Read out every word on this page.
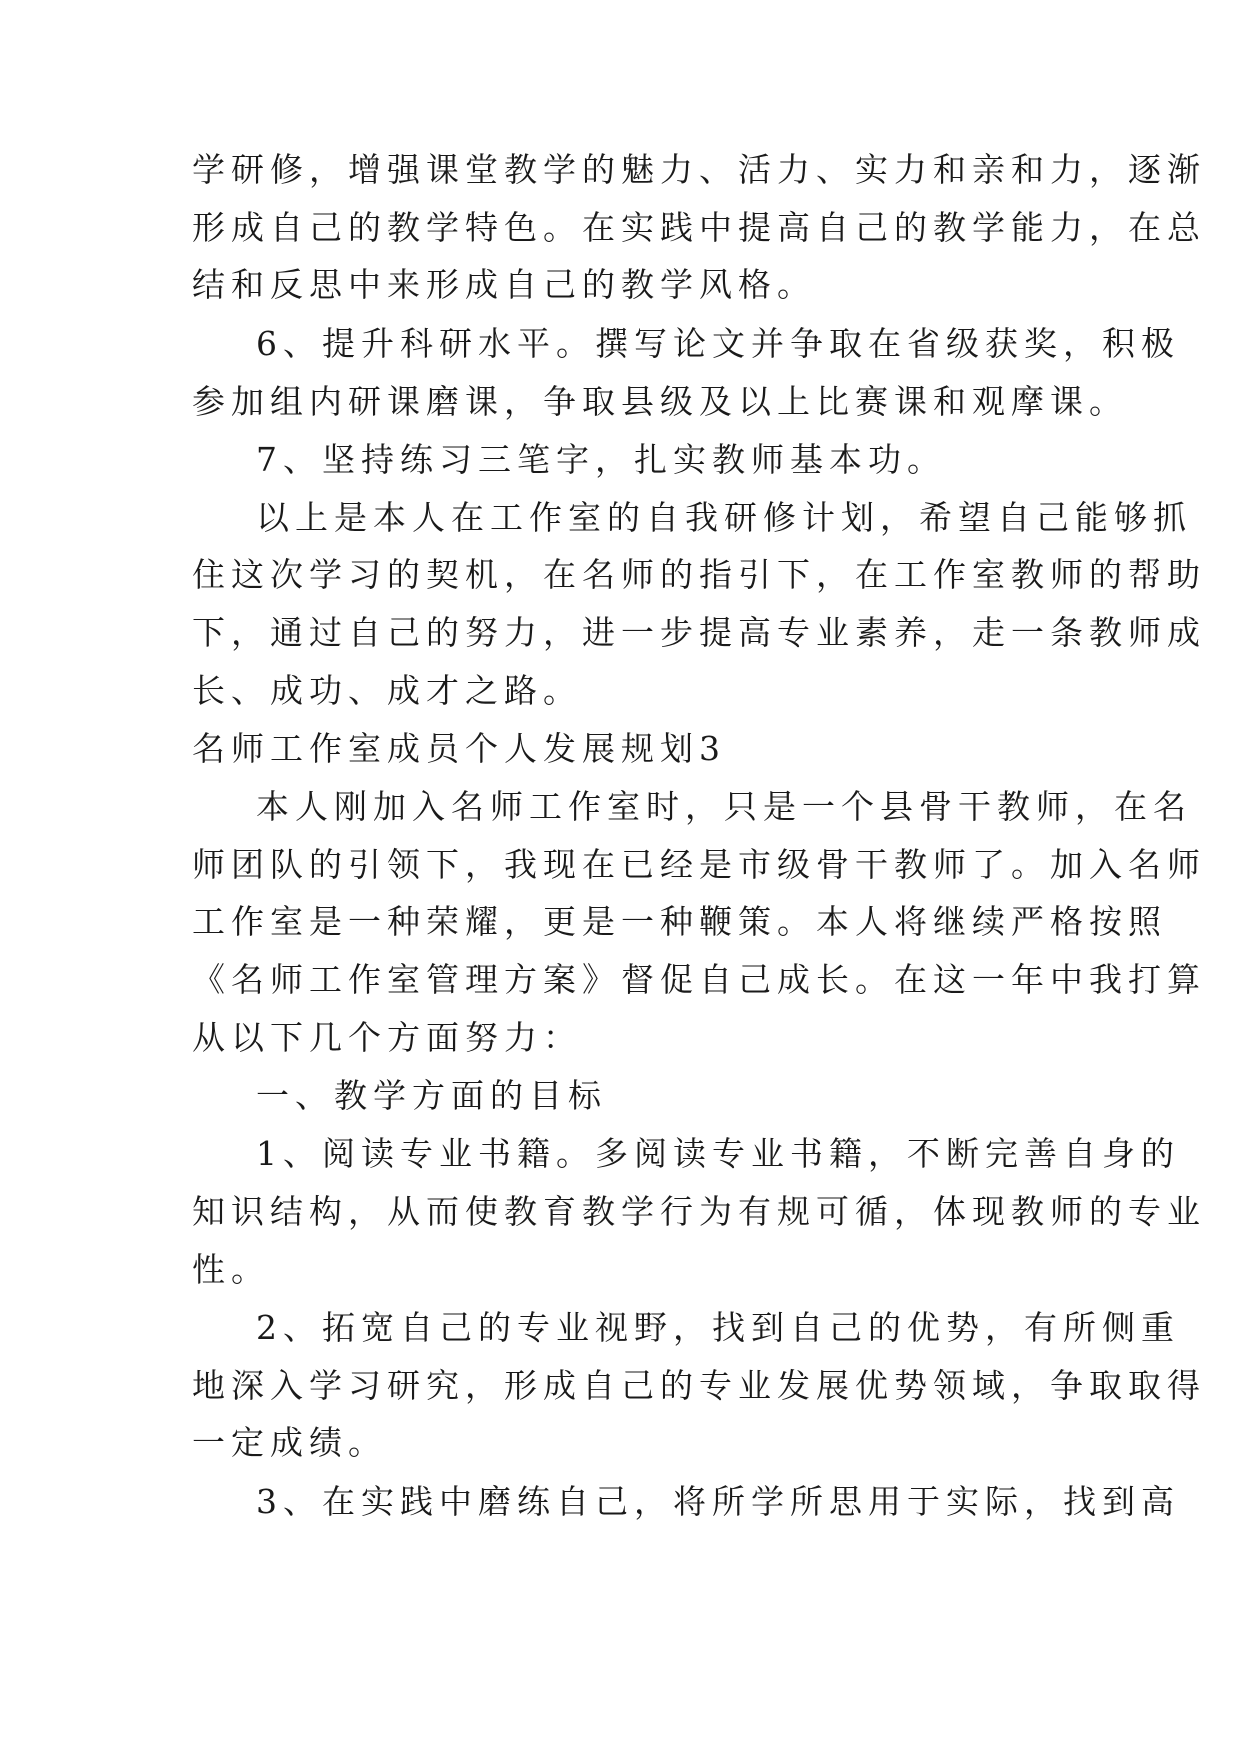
学研修，增强课堂教学的魅力、活力、实力和亲和力，逐渐
形成自己的教学特色。在实践中提高自己的教学能力，在总
结和反思中来形成自己的教学风格。
6、提升科研水平。撰写论文并争取在省级获奖，积极
参加组内研课磨课，争取县级及以上比赛课和观摩课。
7、坚持练习三笔字，扎实教师基本功。
以上是本人在工作室的自我研修计划，希望自己能够抓
住这次学习的契机，在名师的指引下，在工作室教师的帮助
下，通过自己的努力，进一步提高专业素养，走一条教师成
长、成功、成才之路。
名师工作室成员个人发展规划3
本人刚加入名师工作室时，只是一个县骨干教师，在名
师团队的引领下，我现在已经是市级骨干教师了。加入名师
工作室是一种荣耀，更是一种鞭策。本人将继续严格按照
《名师工作室管理方案》督促自己成长。在这一年中我打算
从以下几个方面努力：
一、教学方面的目标
1、阅读专业书籍。多阅读专业书籍，不断完善自身的
知识结构，从而使教育教学行为有规可循，体现教师的专业
性。
2、拓宽自己的专业视野，找到自己的优势，有所侧重
地深入学习研究，形成自己的专业发展优势领域，争取取得
一定成绩。
3、在实践中磨练自己，将所学所思用于实际，找到高
